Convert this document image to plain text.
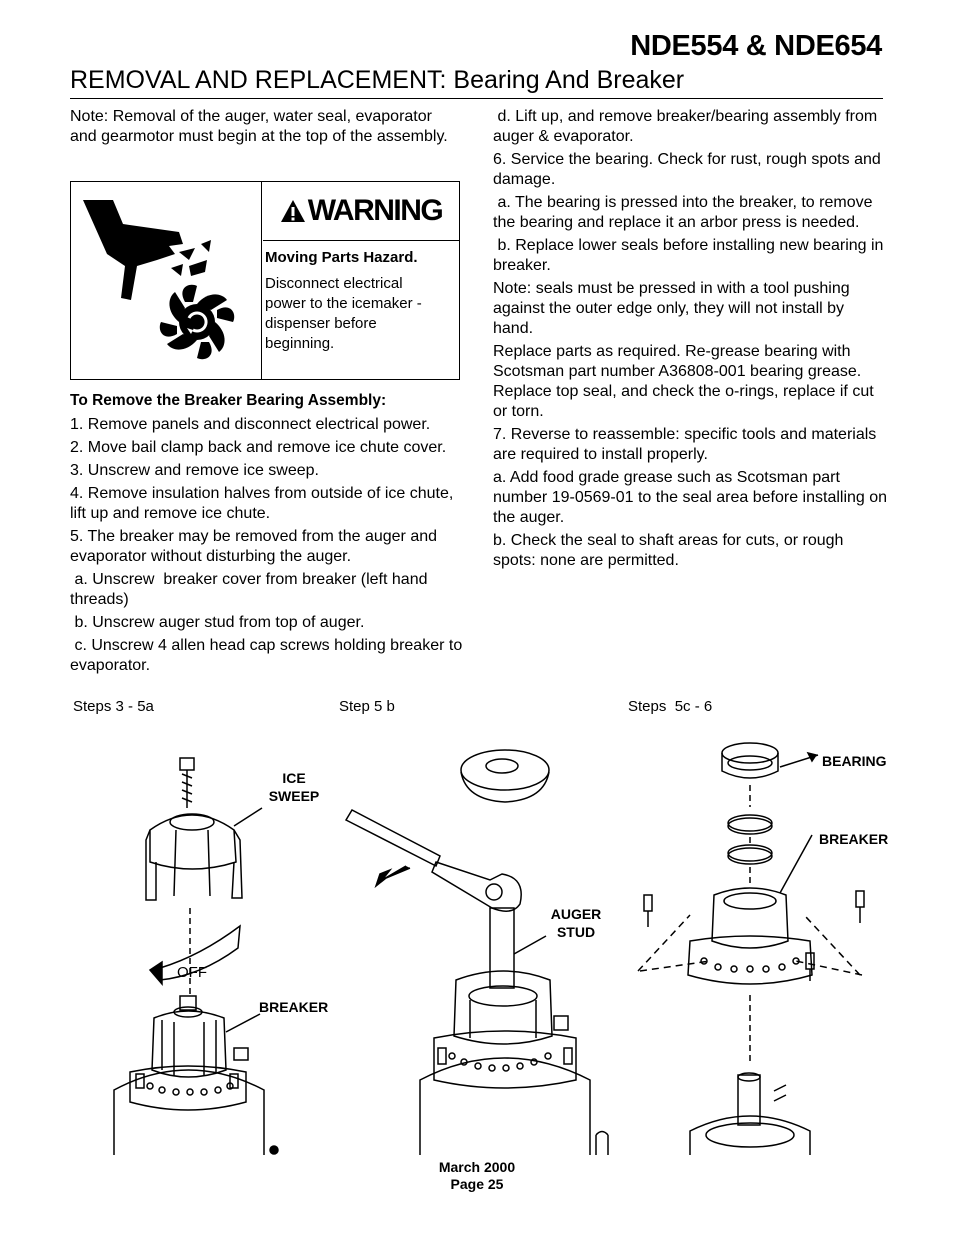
NDE554 & NDE654
REMOVAL AND REPLACEMENT: Bearing And Breaker

Note: Removal of the auger, water seal, evaporator and gearmotor must begin at the top of the assembly.

WARNING
Moving Parts Hazard.
Disconnect electrical power to the icemaker - dispenser before beginning.
To Remove the Breaker Bearing Assembly:

1. Remove panels and disconnect electrical power.

2. Move bail clamp back and remove ice chute cover.

3. Unscrew and remove ice sweep.

4. Remove insulation halves from outside of ice chute, lift up and remove ice chute.

5. The breaker may be removed from the auger and evaporator without disturbing the auger.

a. Unscrew  breaker cover from breaker (left hand threads)

b. Unscrew auger stud from top of auger.

c. Unscrew 4 allen head cap screws holding breaker to evaporator.

d. Lift up, and remove breaker/bearing assembly from auger & evaporator.

6. Service the bearing. Check for rust, rough spots and damage.

a. The bearing is pressed into the breaker, to remove the bearing and replace it an arbor press is needed.

b. Replace lower seals before installing new bearing in breaker.

Note: seals must be pressed in with a tool pushing against the outer edge only, they will not install by hand.

Replace parts as required. Re-grease bearing with Scotsman part number A36808-001 bearing grease. Replace top seal, and check the o-rings, replace if cut or torn.

7. Reverse to reassemble: specific tools and materials are required to install properly.

a. Add food grade grease such as Scotsman part number 19-0569-01 to the seal area before installing on the auger.

b. Check the seal to shaft areas for cuts, or rough spots: none are permitted.

Steps 3 - 5a	Step 5 b	Steps  5c - 6
OFF
ICE
SWEEP
BREAKER
AUGER
STUD
BEARING
BREAKER
March 2000
Page 25
